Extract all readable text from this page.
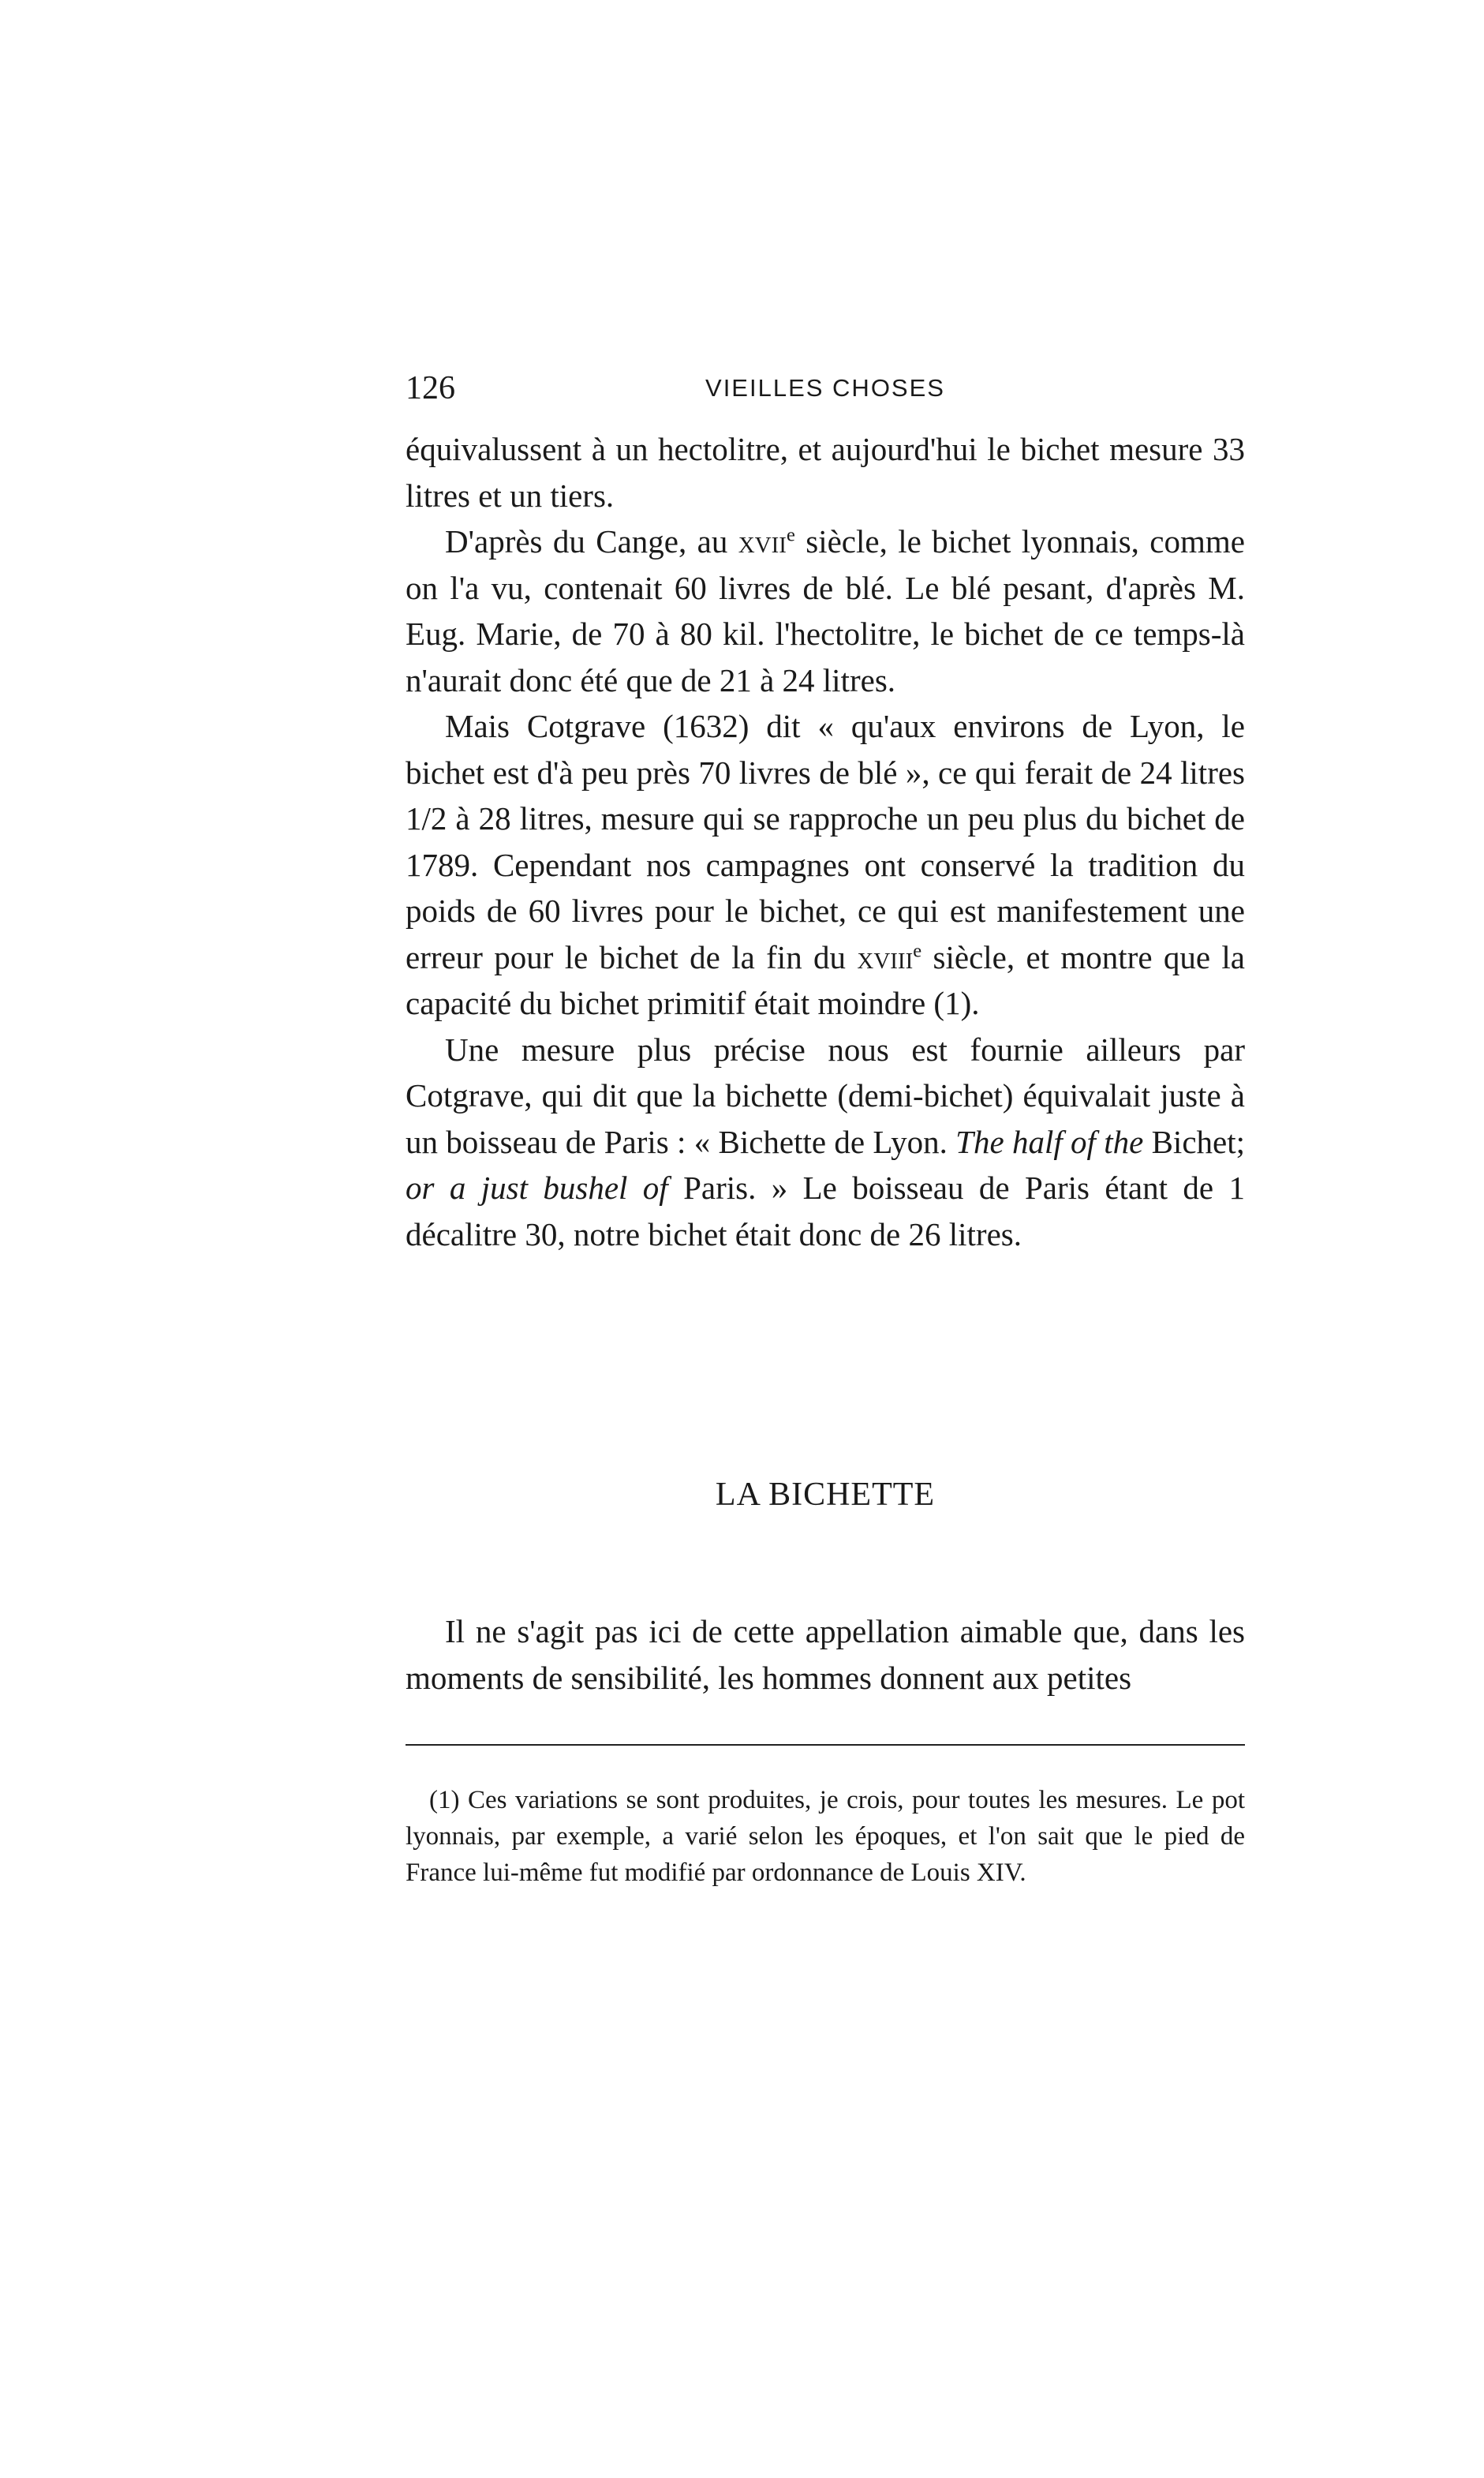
126	VIEILLES CHOSES

équivalussent à un hectolitre, et aujourd'hui le bichet mesure 33 litres et un tiers.

D'après du Cange, au xvii$^e$ siècle, le bichet lyonnais, comme on l'a vu, contenait 60 livres de blé. Le blé pesant, d'après M. Eug. Marie, de 70 à 80 kil. l'hectolitre, le bichet de ce temps-là n'aurait donc été que de 21 à 24 litres.

Mais Cotgrave (1632) dit « qu'aux environs de Lyon, le bichet est d'à peu près 70 livres de blé », ce qui ferait de 24 litres 1/2 à 28 litres, mesure qui se rapproche un peu plus du bichet de 1789. Cependant nos campagnes ont conservé la tradition du poids de 60 livres pour le bichet, ce qui est manifestement une erreur pour le bichet de la fin du xviii$^e$ siècle, et montre que la capacité du bichet primitif était moindre (1).

Une mesure plus précise nous est fournie ailleurs par Cotgrave, qui dit que la bichette (demi-bichet) équivalait juste à un boisseau de Paris : « Bichette de Lyon. The half of the Bichet; or a just bushel of Paris. » Le boisseau de Paris étant de 1 décalitre 30, notre bichet était donc de 26 litres.

LA BICHETTE

Il ne s'agit pas ici de cette appellation aimable que, dans les moments de sensibilité, les hommes donnent aux petites

(1) Ces variations se sont produites, je crois, pour toutes les mesures. Le pot lyonnais, par exemple, a varié selon les époques, et l'on sait que le pied de France lui-même fut modifié par ordonnance de Louis XIV.
